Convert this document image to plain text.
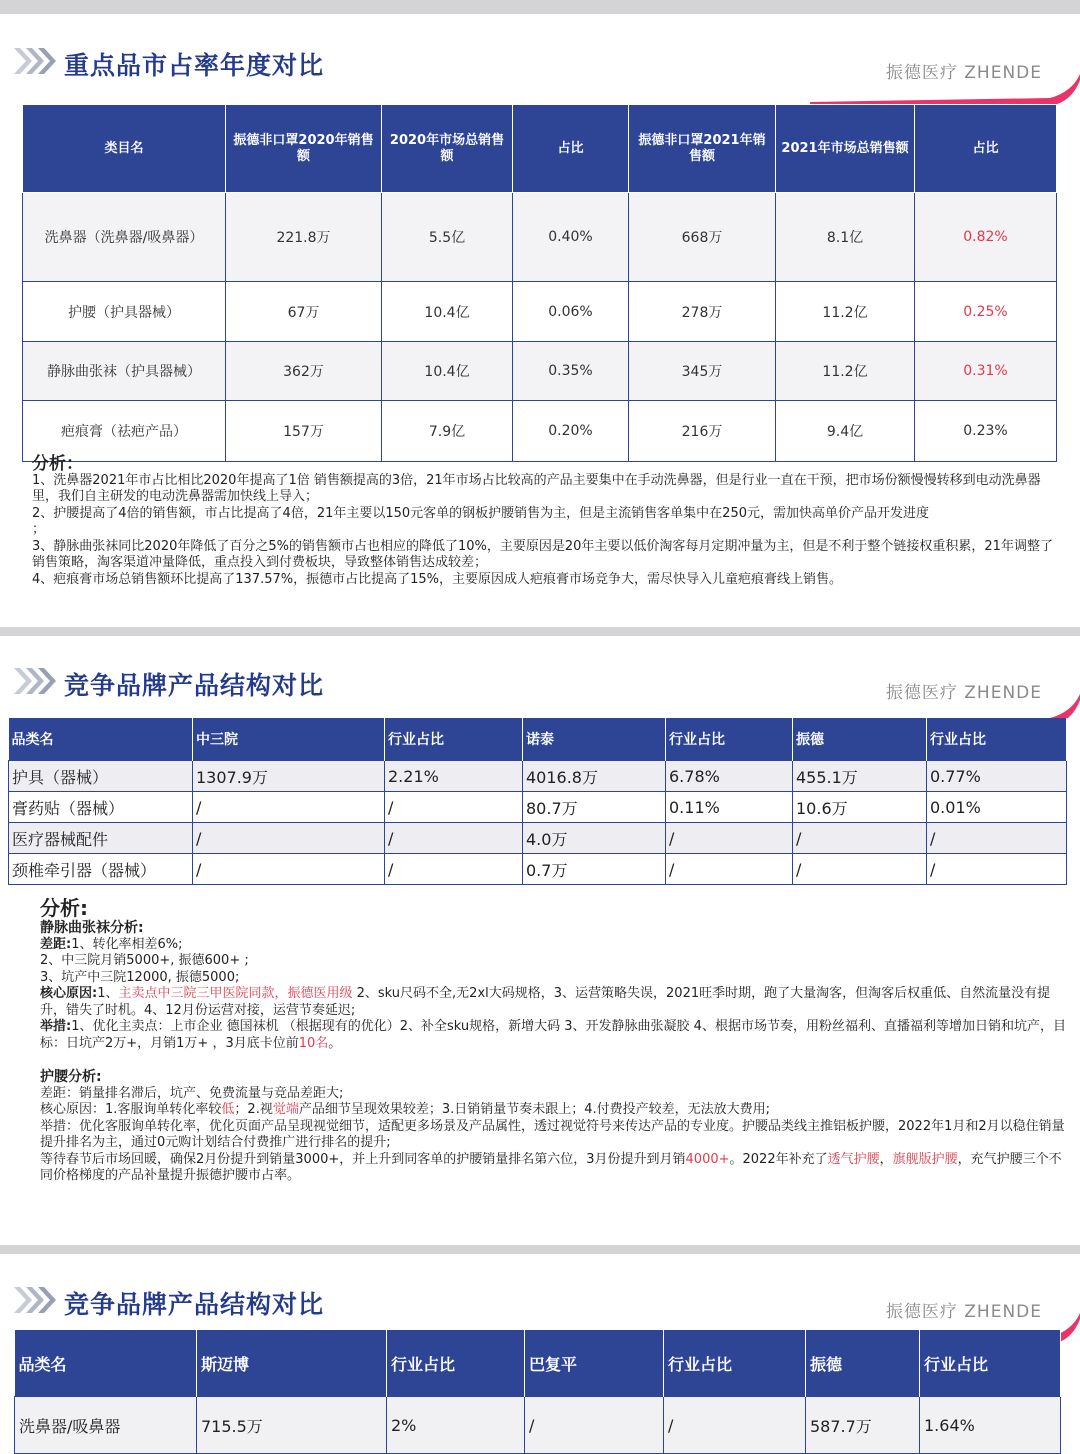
重点品市占率年度对比	振德医疗 ZHENDE
类目名	振德非口罩2020年销售额	2020年市场总销售额	占比	振德非口罩2021年销售额	2021年市场总销售额	占比
洗鼻器（洗鼻器/吸鼻器）	221.8万	5.5亿	0.40%	668万	8.1亿	0.82%
护腰（护具器械）	67万	10.4亿	0.06%	278万	11.2亿	0.25%
静脉曲张袜（护具器械）	362万	10.4亿	0.35%	345万	11.2亿	0.31%
疤痕膏（祛疤产品）	157万	7.9亿	0.20%	216万	9.4亿	0.23%
分析：
1、洗鼻器2021年市占比相比2020年提高了1倍 销售额提高的3倍，21年市场占比较高的产品主要集中在手动洗鼻器，但是行业一直在干预，把市场份额慢慢转移到电动洗鼻器里，我们自主研发的电动洗鼻器需加快线上导入；
2、护腰提高了4倍的销售额，市占比提高了4倍，21年主要以150元客单的钢板护腰销售为主，但是主流销售客单集中在250元，需加快高单价产品开发进度
；
3、静脉曲张袜同比2020年降低了百分之5%的销售额市占也相应的降低了10%，主要原因是20年主要以低价淘客每月定期冲量为主，但是不利于整个链接权重积累，21年调整了销售策略，淘客渠道冲量降低，重点投入到付费板块，导致整体销售达成较差；
4、疤痕膏市场总销售额环比提高了137.57%，振德市占比提高了15%，主要原因成人疤痕膏市场竞争大，需尽快导入儿童疤痕膏线上销售。
竞争品牌产品结构对比	振德医疗 ZHENDE
品类名	中三院	行业占比	诺泰	行业占比	振德	行业占比
护具（器械）	1307.9万	2.21%	4016.8万	6.78%	455.1万	0.77%
膏药贴（器械）	/	/	80.7万	0.11%	10.6万	0.01%
医疗器械配件	/	/	4.0万	/	/	/
颈椎牵引器（器械）	/	/	0.7万	/	/	/
分析:
静脉曲张袜分析:
差距:1、转化率相差6%;
2、中三院月销5000+, 振德600+ ;
3、坑产中三院12000, 振德5000;
核心原因:1、主卖点中三院三甲医院同款，振德医用级 2、sku尺码不全,无2xl大码规格，3、运营策略失误，2021旺季时期，跑了大量淘客，但淘客后权重低、自然流量没有提升，错失了时机。4、12月份运营对接，运营节奏延迟;
举措:1、优化主卖点：上市企业 德国袜机 （根据现有的优化）2、补全sku规格，新增大码 3、开发静脉曲张凝胶 4、根据市场节奏，用粉丝福利、直播福利等增加日销和坑产，目标：日坑产2万+，月销1万+ ，3月底卡位前10名。
护腰分析:
差距：销量排名滞后，坑产、免费流量与竞品差距大;
核心原因：1.客服询单转化率较低；2.视觉端产品细节呈现效果较差；3.日销销量节奏未跟上；4.付费投产较差，无法放大费用;
举措：优化客服询单转化率，优化页面产品呈现视觉细节，适配更多场景及产品属性，透过视觉符号来传达产品的专业度。护腰品类线主推铝板护腰，2022年1月和2月以稳住销量提升排名为主，通过0元购计划结合付费推广进行排名的提升;
等待春节后市场回暖，确保2月份提升到销量3000+，并上升到同客单的护腰销量排名第六位，3月份提升到月销4000+。2022年补充了透气护腰，旗舰版护腰，充气护腰三个不同价格梯度的产品补量提升振德护腰市占率。
竞争品牌产品结构对比	振德医疗 ZHENDE
品类名	斯迈博	行业占比	巴复平	行业占比	振德	行业占比
洗鼻器/吸鼻器	715.5万	2%	/	/	587.7万	1.64%
